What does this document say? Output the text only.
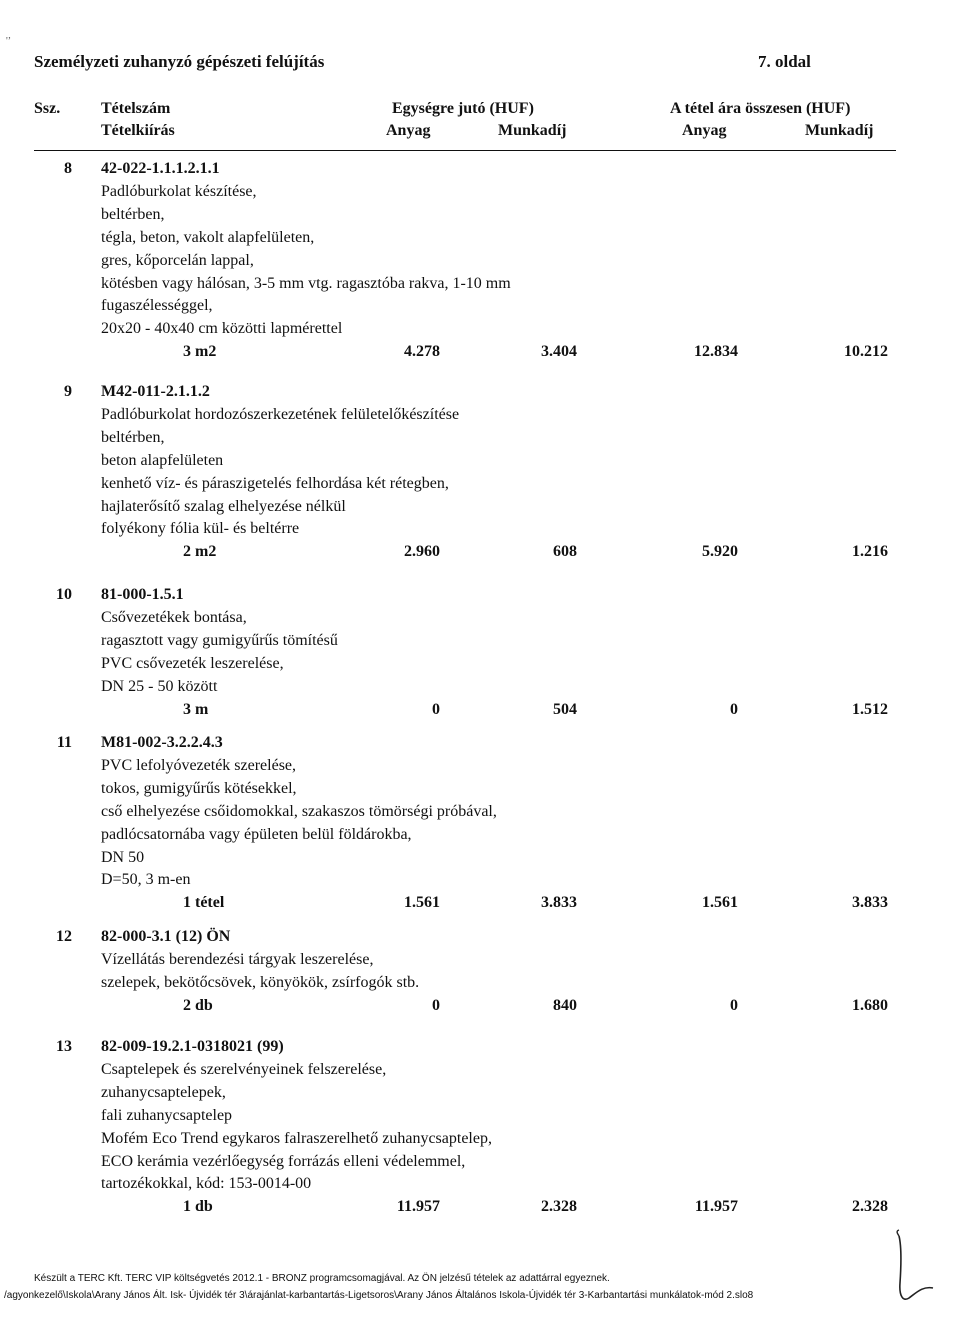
'ʼ
Személyzeti zuhanyzó gépészeti felújítás	7. oldal
Ssz.	Tételszám
Tételkiírás
Egységre jutó (HUF)	A tétel ára összesen (HUF)
Anyag	Munkadíj	Anyag	Munkadíj
8 42-022-1.1.1.2.1.1
Padlóburkolat készítése,
beltérben,
tégla, beton, vakolt alapfelületen,
gres, kőporcelán lappal,
kötésben vagy hálósan, 3-5 mm vtg. ragasztóba rakva, 1-10 mm
fugaszélességgel,
20x20 - 40x40 cm közötti lapmérettel
3 m2	4.278	3.404	12.834	10.212
9 M42-011-2.1.1.2
Padlóburkolat hordozószerkezetének felületelőkészítése
beltérben,
beton alapfelületen
kenhető víz- és páraszigetelés felhordása két rétegben,
hajlaterősítő szalag elhelyezése nélkül
folyékony fólia kül- és beltérre
2 m2	2.960	608	5.920	1.216
10 81-000-1.5.1
Csővezetékek bontása,
ragasztott vagy gumigyűrűs tömítésű
PVC csővezeték leszerelése,
DN 25 - 50 között
3 m	0	504	0	1.512
11 M81-002-3.2.2.4.3
PVC lefolyóvezeték szerelése,
tokos, gumigyűrűs kötésekkel,
cső elhelyezése csőidomokkal, szakaszos tömörségi próbával,
padlócsatornába vagy épületen belül földárokba,
DN 50
D=50, 3 m-en
1 tétel	1.561	3.833	1.561	3.833
12 82-000-3.1 (12) ÖN
Vízellátás berendezési tárgyak leszerelése,
szelepek, bekötőcsövek, könyökök, zsírfogók stb.
2 db	0	840	0	1.680
13 82-009-19.2.1-0318021 (99)
Csaptelepek és szerelvényeinek felszerelése,
zuhanycsaptelepek,
fali zuhanycsaptelep
Mofém Eco Trend egykaros falraszerelhető zuhanycsaptelep,
ECO kerámia vezérlőegység forrázás elleni védelemmel,
tartozékokkal, kód: 153-0014-00
1 db	11.957	2.328	11.957	2.328
Készült a TERC Kft. TERC VIP költségvetés 2012.1 - BRONZ programcsomagjával. Az ÖN jelzésű tételek az adattárral egyeznek.
/agyonkezelő\Iskola\Arany János Ált. Isk- Újvidék tér 3\árajánlat-karbantartás-Ligetsoros\Arany János Általános Iskola-Újvidék tér 3-Karbantartási munkálatok-mód 2.slo8
